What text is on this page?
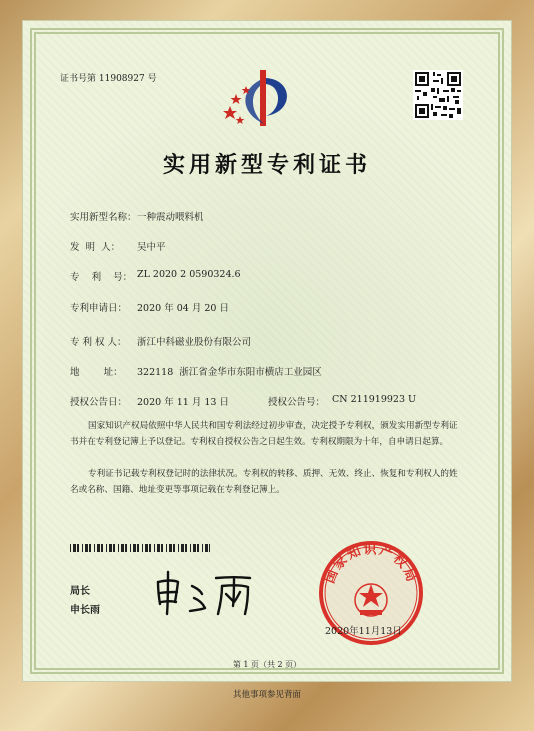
证书号第 11908927 号
实用新型专利证书
实用新型名称： 一种震动喂料机
发  明  人： 吴中平
专    利    号： ZL 2020 2 0590324.6
专利申请日： 2020 年 04 月 20 日
专 利 权 人： 浙江中科磁业股份有限公司
地        址： 322118  浙江省金华市东阳市横店工业园区
授权公告日： 2020 年 11 月 13 日	授权公告号： CN 211919923 U
国家知识产权局依照中华人民共和国专利法经过初步审查，决定授予专利权，颁发实用新型专利证书并在专利登记簿上予以登记。专利权自授权公告之日起生效。专利权期限为十年，自申请日起算。
专利证书记载专利权登记时的法律状况。专利权的转移、质押、无效、终止、恢复和专利权人的姓名或名称、国籍、地址变更等事项记载在专利登记簿上。
局长
申长雨
国家知识产权局
2020年11月13日
第 1 页（共 2 页）
其他事项参见背面
